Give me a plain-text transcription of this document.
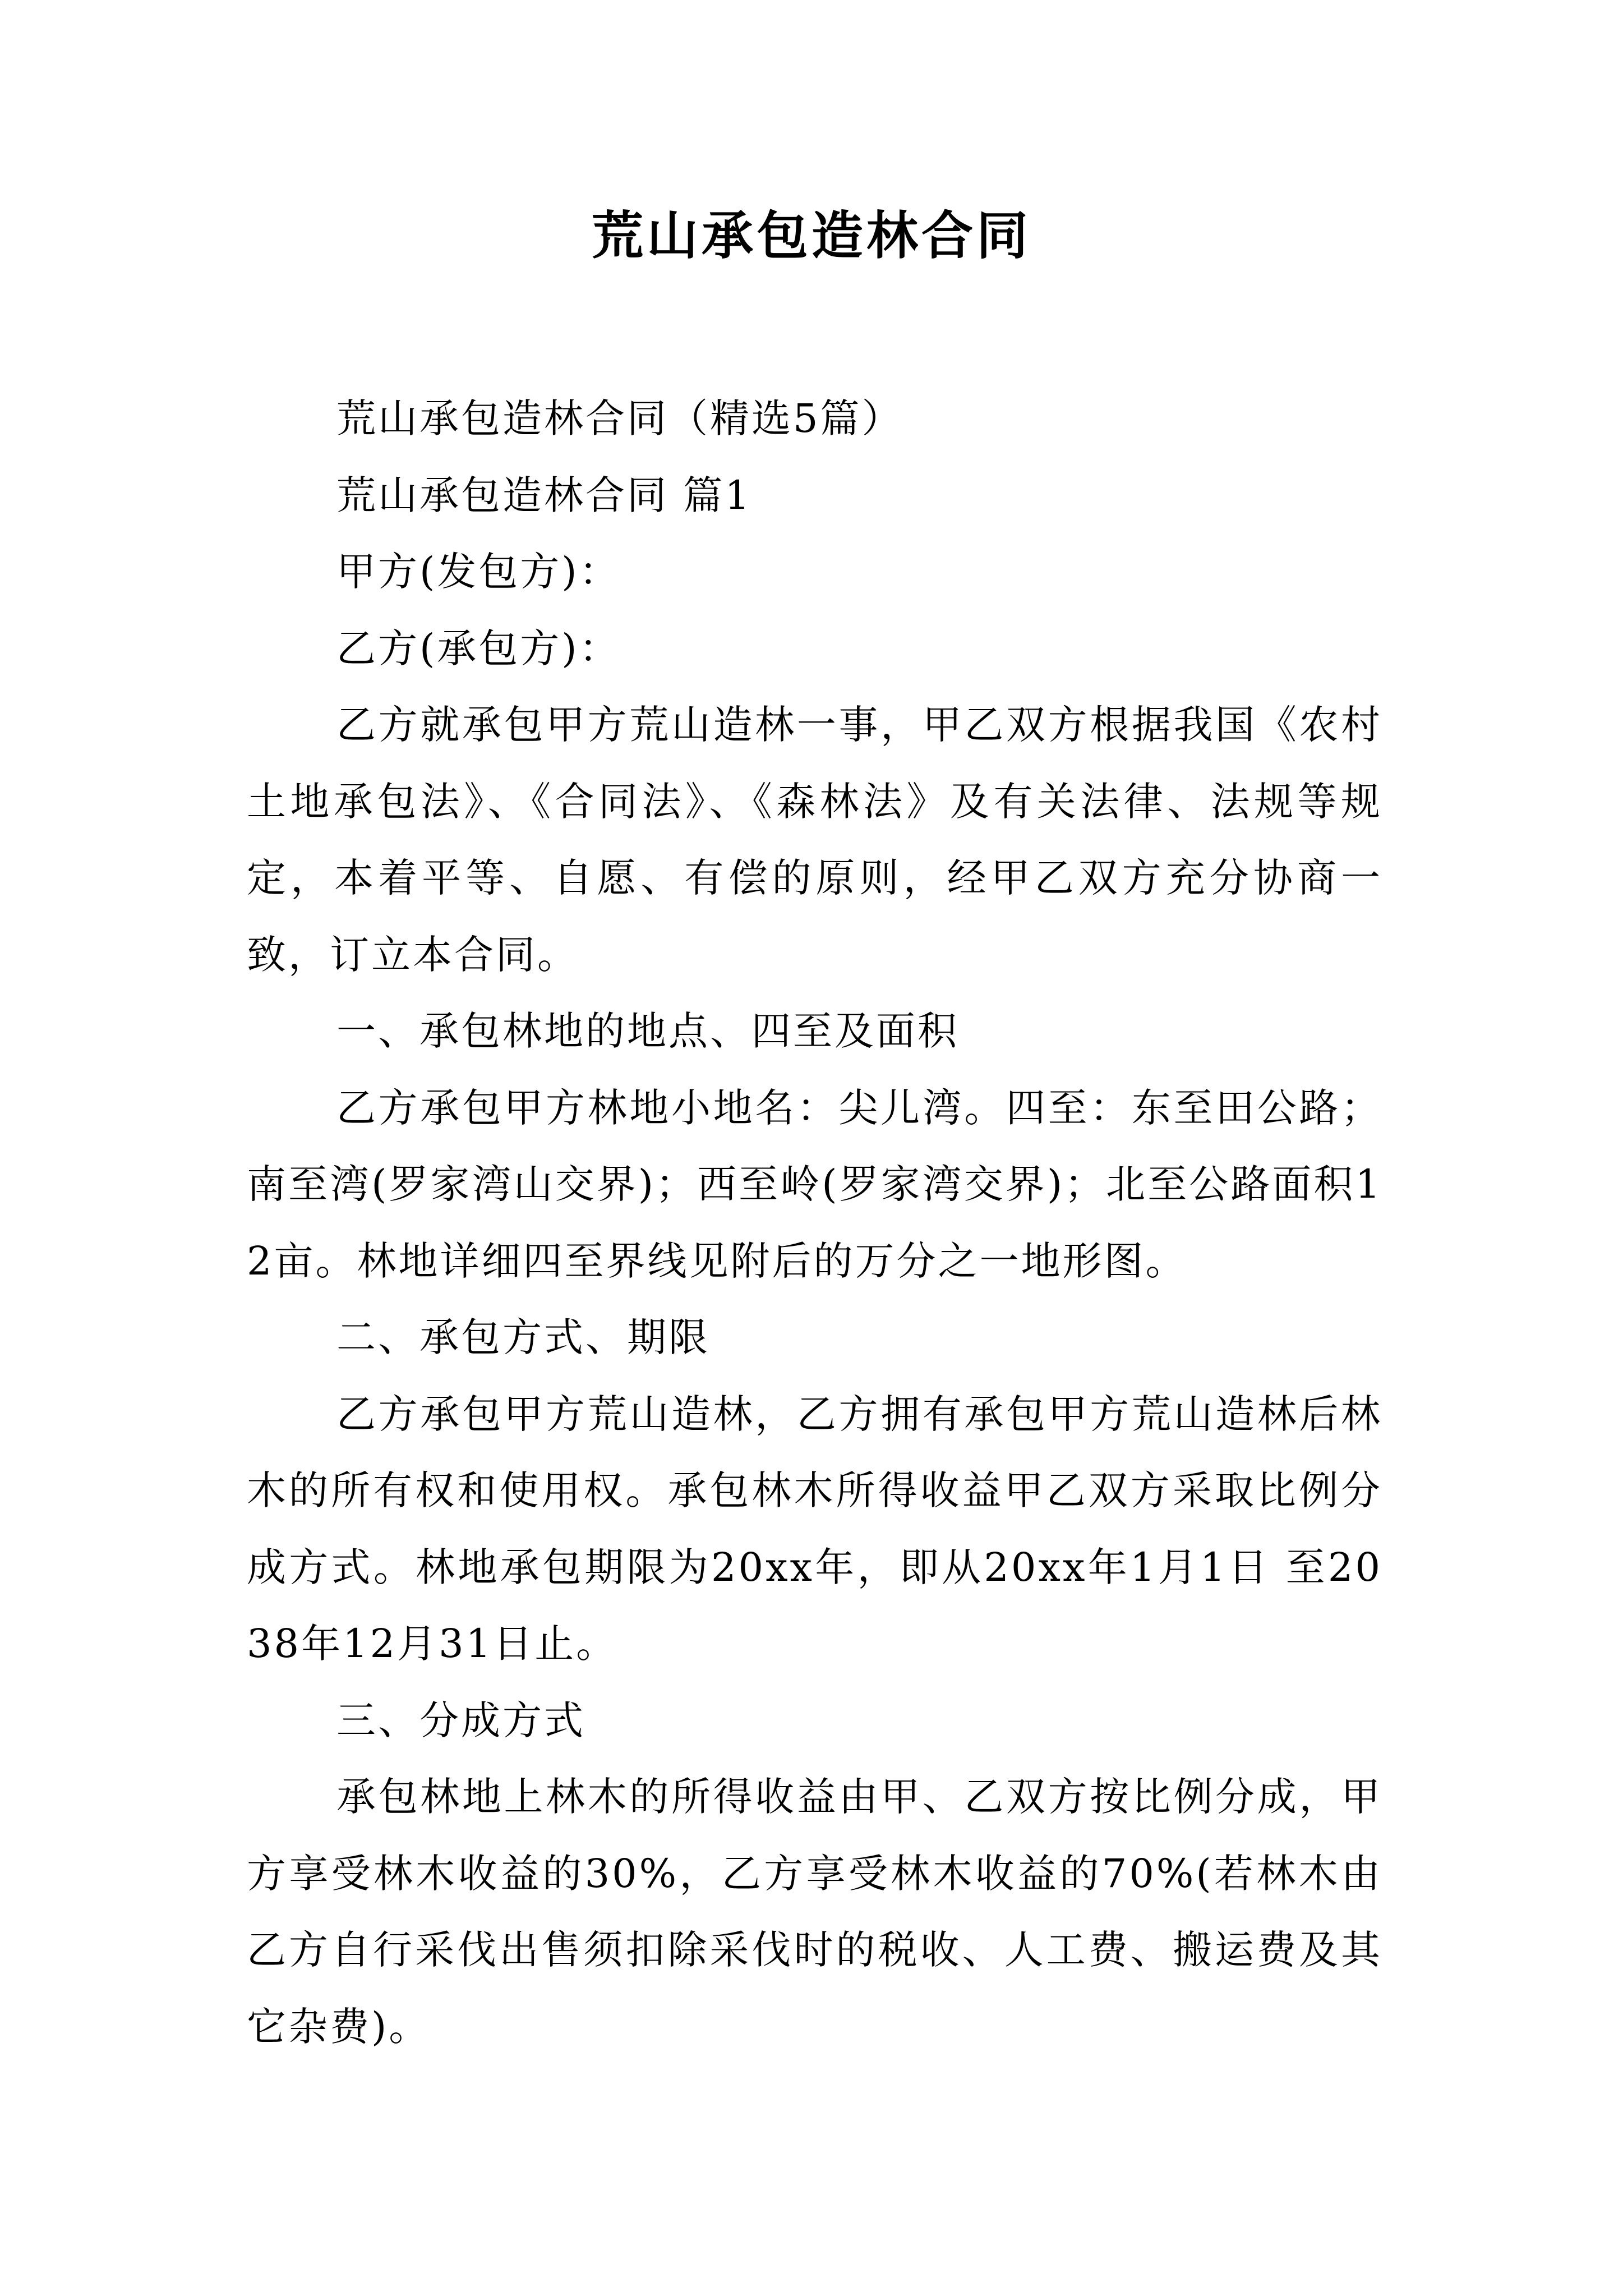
荒山承包造林合同

荒山承包造林合同（精选5篇）

荒山承包造林合同 篇1

甲方(发包方)：

乙方(承包方)：

乙方就承包甲方荒山造林一事，甲乙双方根据我国《农村土地承包法》、《合同法》、《森林法》及有关法律、法规等规定，本着平等、自愿、有偿的原则，经甲乙双方充分协商一致，订立本合同。

一、承包林地的地点、四至及面积

乙方承包甲方林地小地名：尖儿湾。四至：东至田公路；南至湾(罗家湾山交界)；西至岭(罗家湾交界)；北至公路面积12亩。林地详细四至界线见附后的万分之一地形图。

二、承包方式、期限

乙方承包甲方荒山造林，乙方拥有承包甲方荒山造林后林木的所有权和使用权。承包林木所得收益甲乙双方采取比例分成方式。林地承包期限为20xx年，即从20xx年1月1日 至2038年12月31日止。

三、分成方式

承包林地上林木的所得收益由甲、乙双方按比例分成，甲方享受林木收益的30%，乙方享受林木收益的70%(若林木由乙方自行采伐出售须扣除采伐时的税收、人工费、搬运费及其它杂费)。
